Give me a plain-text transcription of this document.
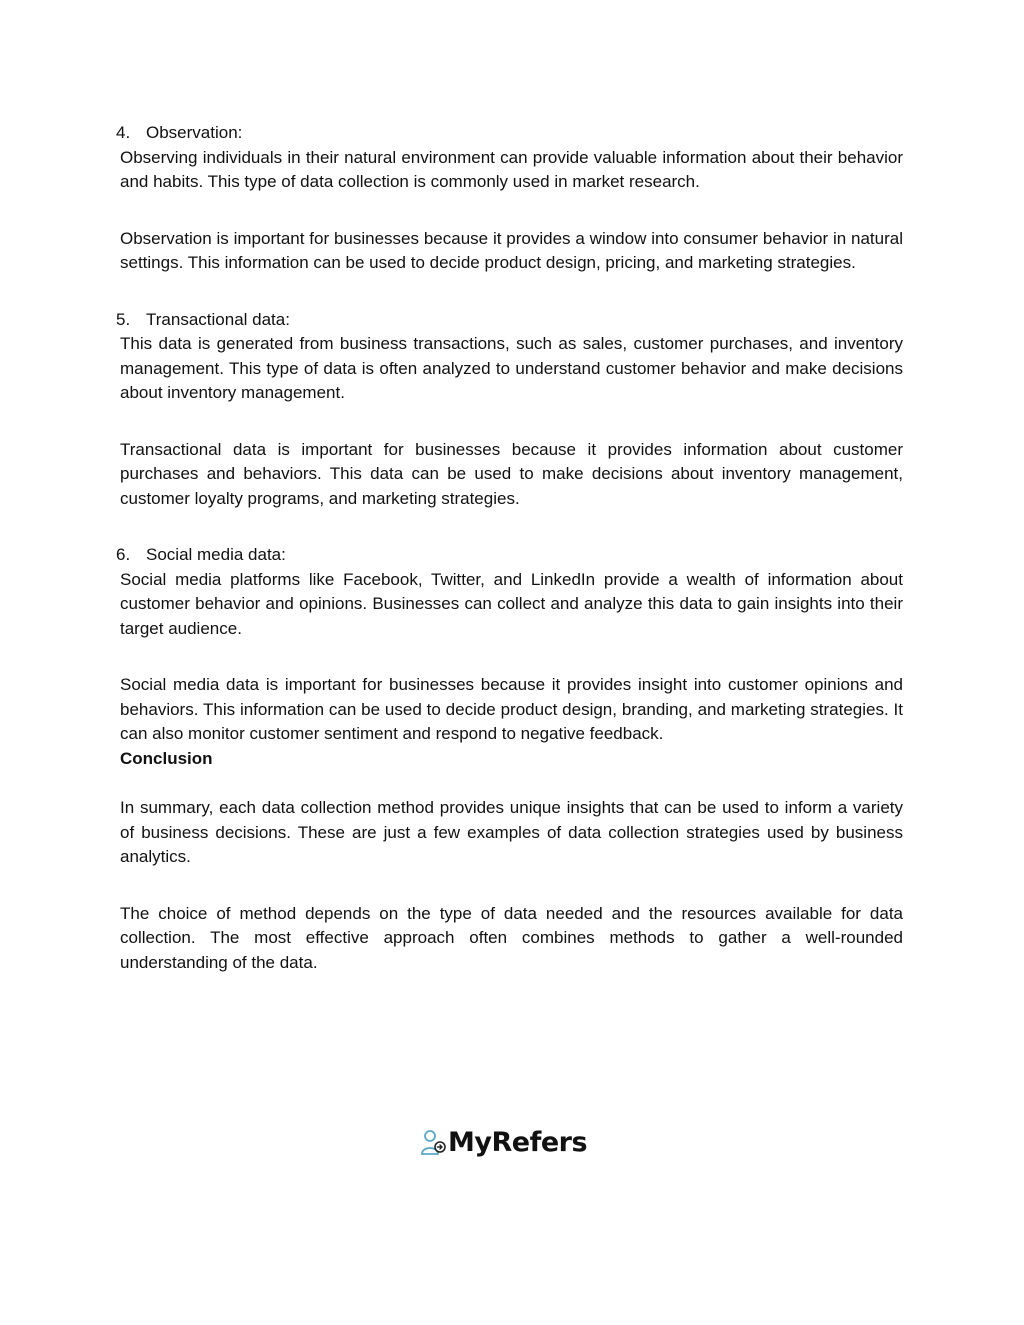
4. Observation:

Observing individuals in their natural environment can provide valuable information about their behavior and habits. This type of data collection is commonly used in market research.

Observation is important for businesses because it provides a window into consumer behavior in natural settings. This information can be used to decide product design, pricing, and marketing strategies.

5. Transactional data:

This data is generated from business transactions, such as sales, customer purchases, and inventory management. This type of data is often analyzed to understand customer behavior and make decisions about inventory management.

Transactional data is important for businesses because it provides information about customer purchases and behaviors. This data can be used to make decisions about inventory management, customer loyalty programs, and marketing strategies.

6. Social media data:

Social media platforms like Facebook, Twitter, and LinkedIn provide a wealth of information about customer behavior and opinions. Businesses can collect and analyze this data to gain insights into their target audience.

Social media data is important for businesses because it provides insight into customer opinions and behaviors. This information can be used to decide product design, branding, and marketing strategies. It can also monitor customer sentiment and respond to negative feedback.

Conclusion

In summary, each data collection method provides unique insights that can be used to inform a variety of business decisions. These are just a few examples of data collection strategies used by business analytics.

The choice of method depends on the type of data needed and the resources available for data collection. The most effective approach often combines methods to gather a well-rounded understanding of the data.

MyRefers
